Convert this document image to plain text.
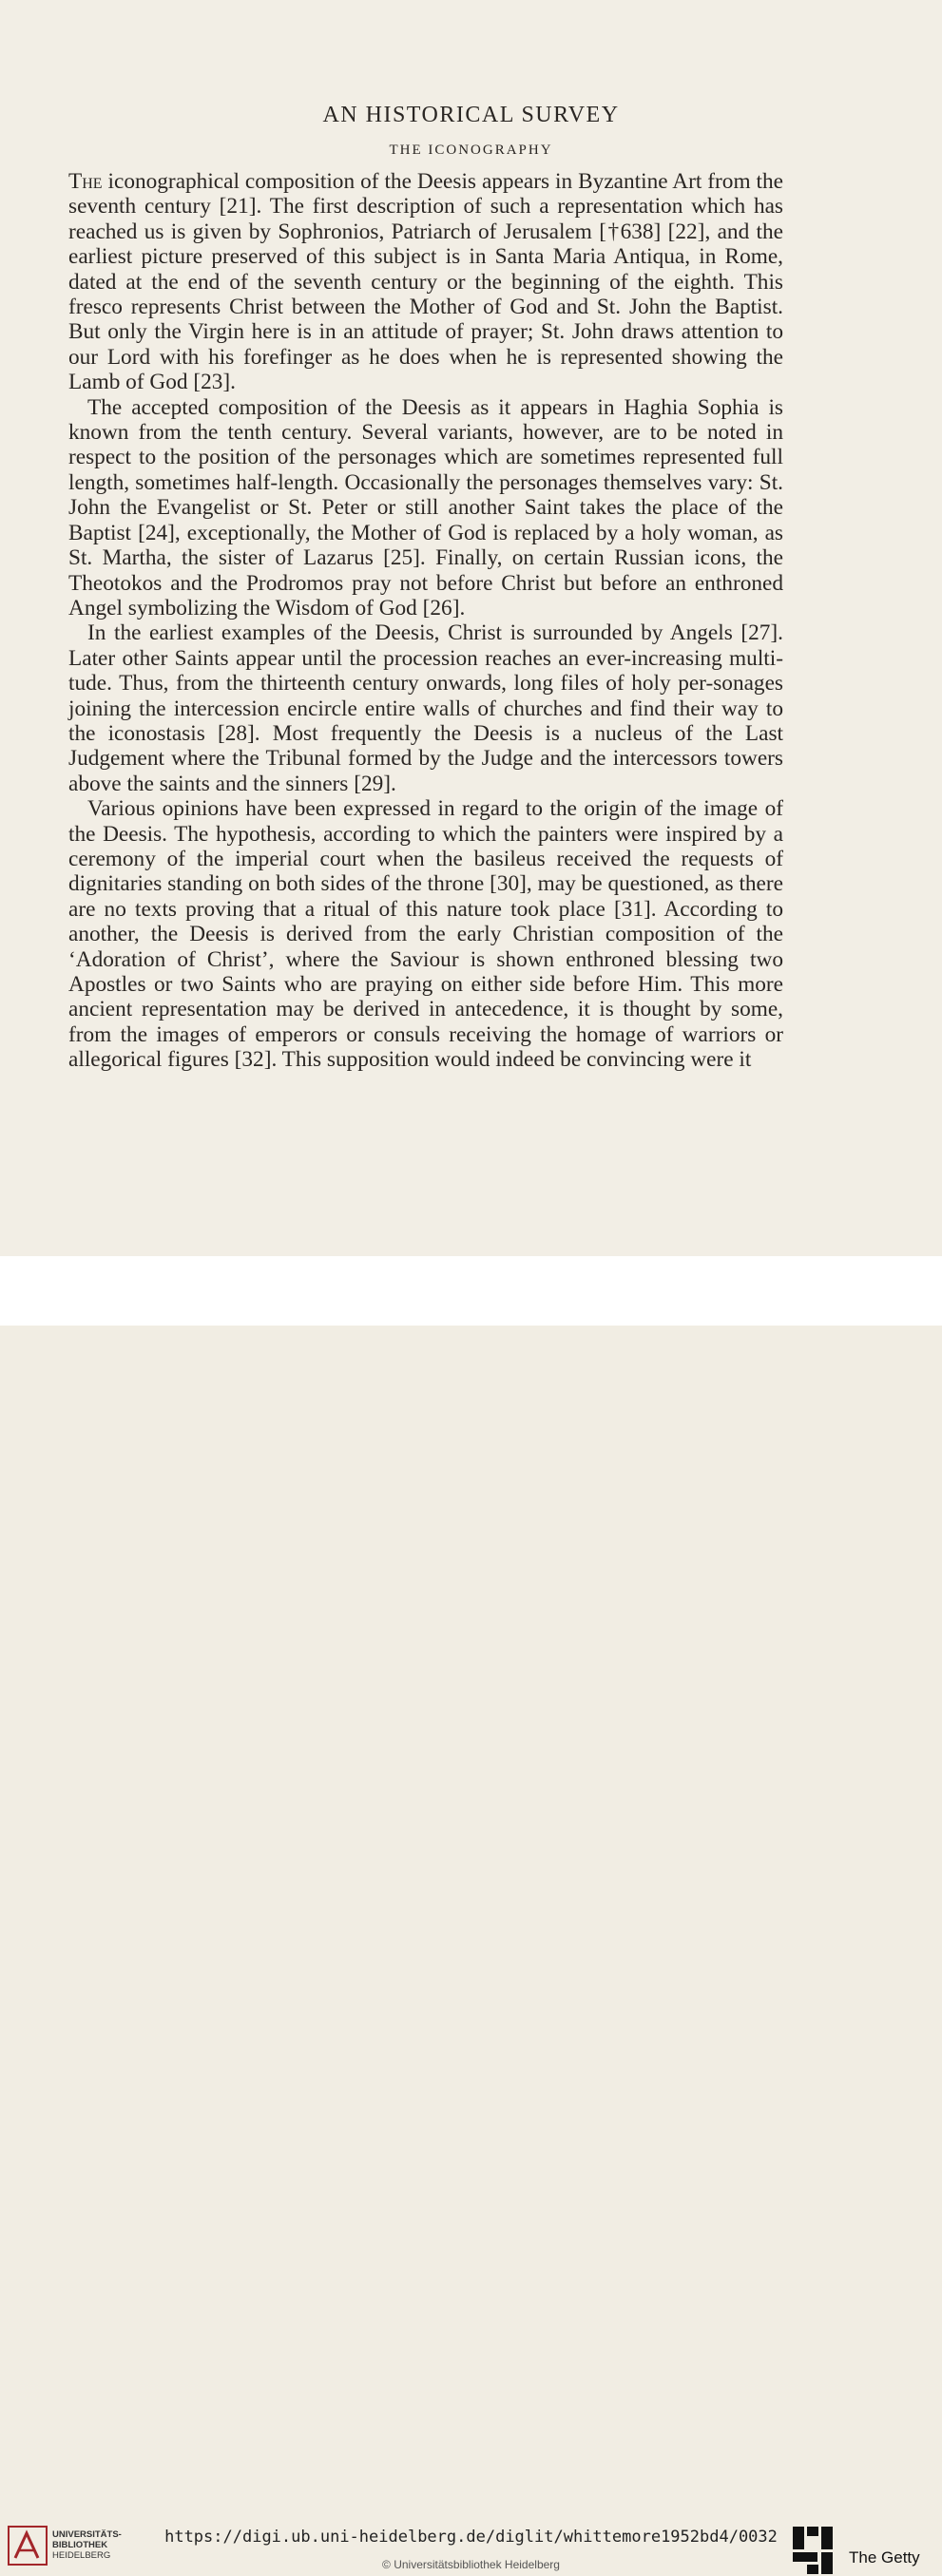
AN HISTORICAL SURVEY
THE ICONOGRAPHY

The iconographical composition of the Deesis appears in Byzantine Art from the seventh century [21]. The first description of such a representation which has reached us is given by Sophronios, Patriarch of Jerusalem [†638] [22], and the earliest picture preserved of this subject is in Santa Maria Antiqua, in Rome, dated at the end of the seventh century or the beginning of the eighth. This fresco represents Christ between the Mother of God and St. John the Baptist. But only the Virgin here is in an attitude of prayer; St. John draws attention to our Lord with his forefinger as he does when he is represented showing the Lamb of God [23].

The accepted composition of the Deesis as it appears in Haghia Sophia is known from the tenth century. Several variants, however, are to be noted in respect to the position of the personages which are sometimes represented full length, sometimes half-length. Occasionally the personages themselves vary: St. John the Evangelist or St. Peter or still another Saint takes the place of the Baptist [24], exceptionally, the Mother of God is replaced by a holy woman, as St. Martha, the sister of Lazarus [25]. Finally, on certain Russian icons, the Theotokos and the Prodromos pray not before Christ but before an enthroned Angel symbolizing the Wisdom of God [26].

In the earliest examples of the Deesis, Christ is surrounded by Angels [27]. Later other Saints appear until the procession reaches an ever-increasing multi-tude. Thus, from the thirteenth century onwards, long files of holy per-sonages joining the intercession encircle entire walls of churches and find their way to the iconostasis [28]. Most frequently the Deesis is a nucleus of the Last Judgement where the Tribunal formed by the Judge and the intercessors towers above the saints and the sinners [29].

Various opinions have been expressed in regard to the origin of the image of the Deesis. The hypothesis, according to which the painters were inspired by a ceremony of the imperial court when the basileus received the requests of dignitaries standing on both sides of the throne [30], may be questioned, as there are no texts proving that a ritual of this nature took place [31]. According to another, the Deesis is derived from the early Christian composition of the ‘Adoration of Christ’, where the Saviour is shown enthroned blessing two Apostles or two Saints who are praying on either side before Him. This more ancient representation may be derived in antecedence, it is thought by some, from the images of emperors or consuls receiving the homage of warriors or allegorical figures [32]. This supposition would indeed be convincing were it

UNIVERSITÄTS-
BIBLIOTHEK
HEIDELBERG
https://digi.ub.uni-heidelberg.de/diglit/whittemore1952bd4/0032
© Universitätsbibliothek Heidelberg	The Getty
